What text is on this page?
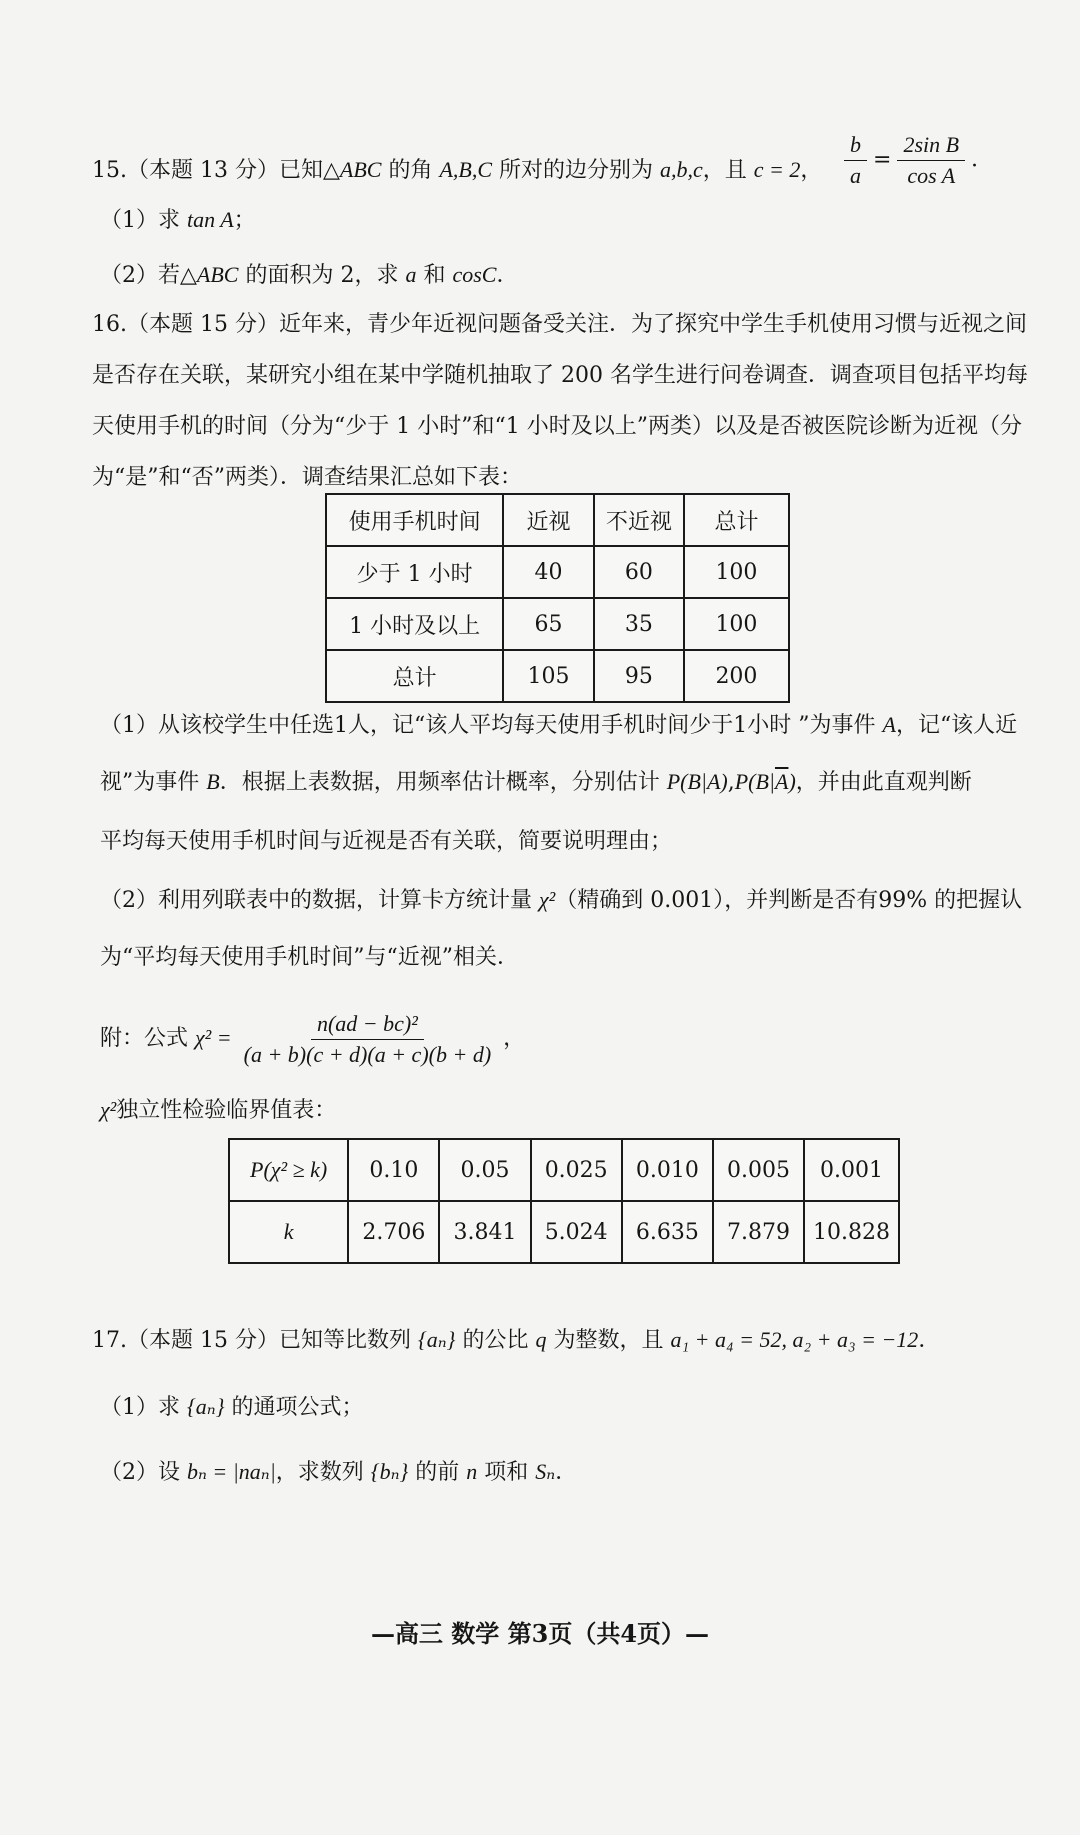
15.（本题 13 分）已知△ABC 的角 A,B,C 所对的边分别为 a,b,c，且 c = 2， $\frac{b}{a} = \frac{\text{2sin B}}{\text{cos A}}$ ．
（1）求 tan A；
（2）若△ABC 的面积为 2，求 a 和 cosC．
16.（本题 15 分）近年来，青少年近视问题备受关注．为了探究中学生手机使用习惯与近视之间
是否存在关联，某研究小组在某中学随机抽取了 200 名学生进行问卷调查．调查项目包括平均每
天使用手机的时间（分为“少于 1 小时”和“1 小时及以上”两类）以及是否被医院诊断为近视（分
为“是”和“否”两类）．调查结果汇总如下表：
使用手机时间	近视	不近视	总计
少于 1 小时	40	60	100
1 小时及以上	65	35	100
总计	105	95	200
（1）从该校学生中任选1人，记“该人平均每天使用手机时间少于1小时 ”为事件 A，记“该人近
视”为事件 B．根据上表数据，用频率估计概率，分别估计 $P(B|A),P(B|\overline{A})$，并由此直观判断
平均每天使用手机时间与近视是否有关联，简要说明理由；
（2）利用列联表中的数据，计算卡方统计量 χ²（精确到 0.001），并判断是否有99% 的把握认
为“平均每天使用手机时间”与“近视”相关．
附：公式 $\chi^2 = \frac{\text{n(ad − bc)²}}{(a + b)(c + d)(a + c)(b + d)}$ ，
χ²独立性检验临界值表：
P(χ² ≥ k)	0.10	0.05	0.025	0.010	0.005	0.001
k	2.706	3.841	5.024	6.635	7.879	10.828
17.（本题 15 分）已知等比数列 {aₙ} 的公比 q 为整数，且 a₁ + a₄ = 52, a₂ + a₃ = −12．
（1）求 {aₙ} 的通项公式；
（2）设 bₙ = |naₙ|，求数列 {bₙ} 的前 n 项和 Sₙ．
—高三 数学 第3页（共4页）—
